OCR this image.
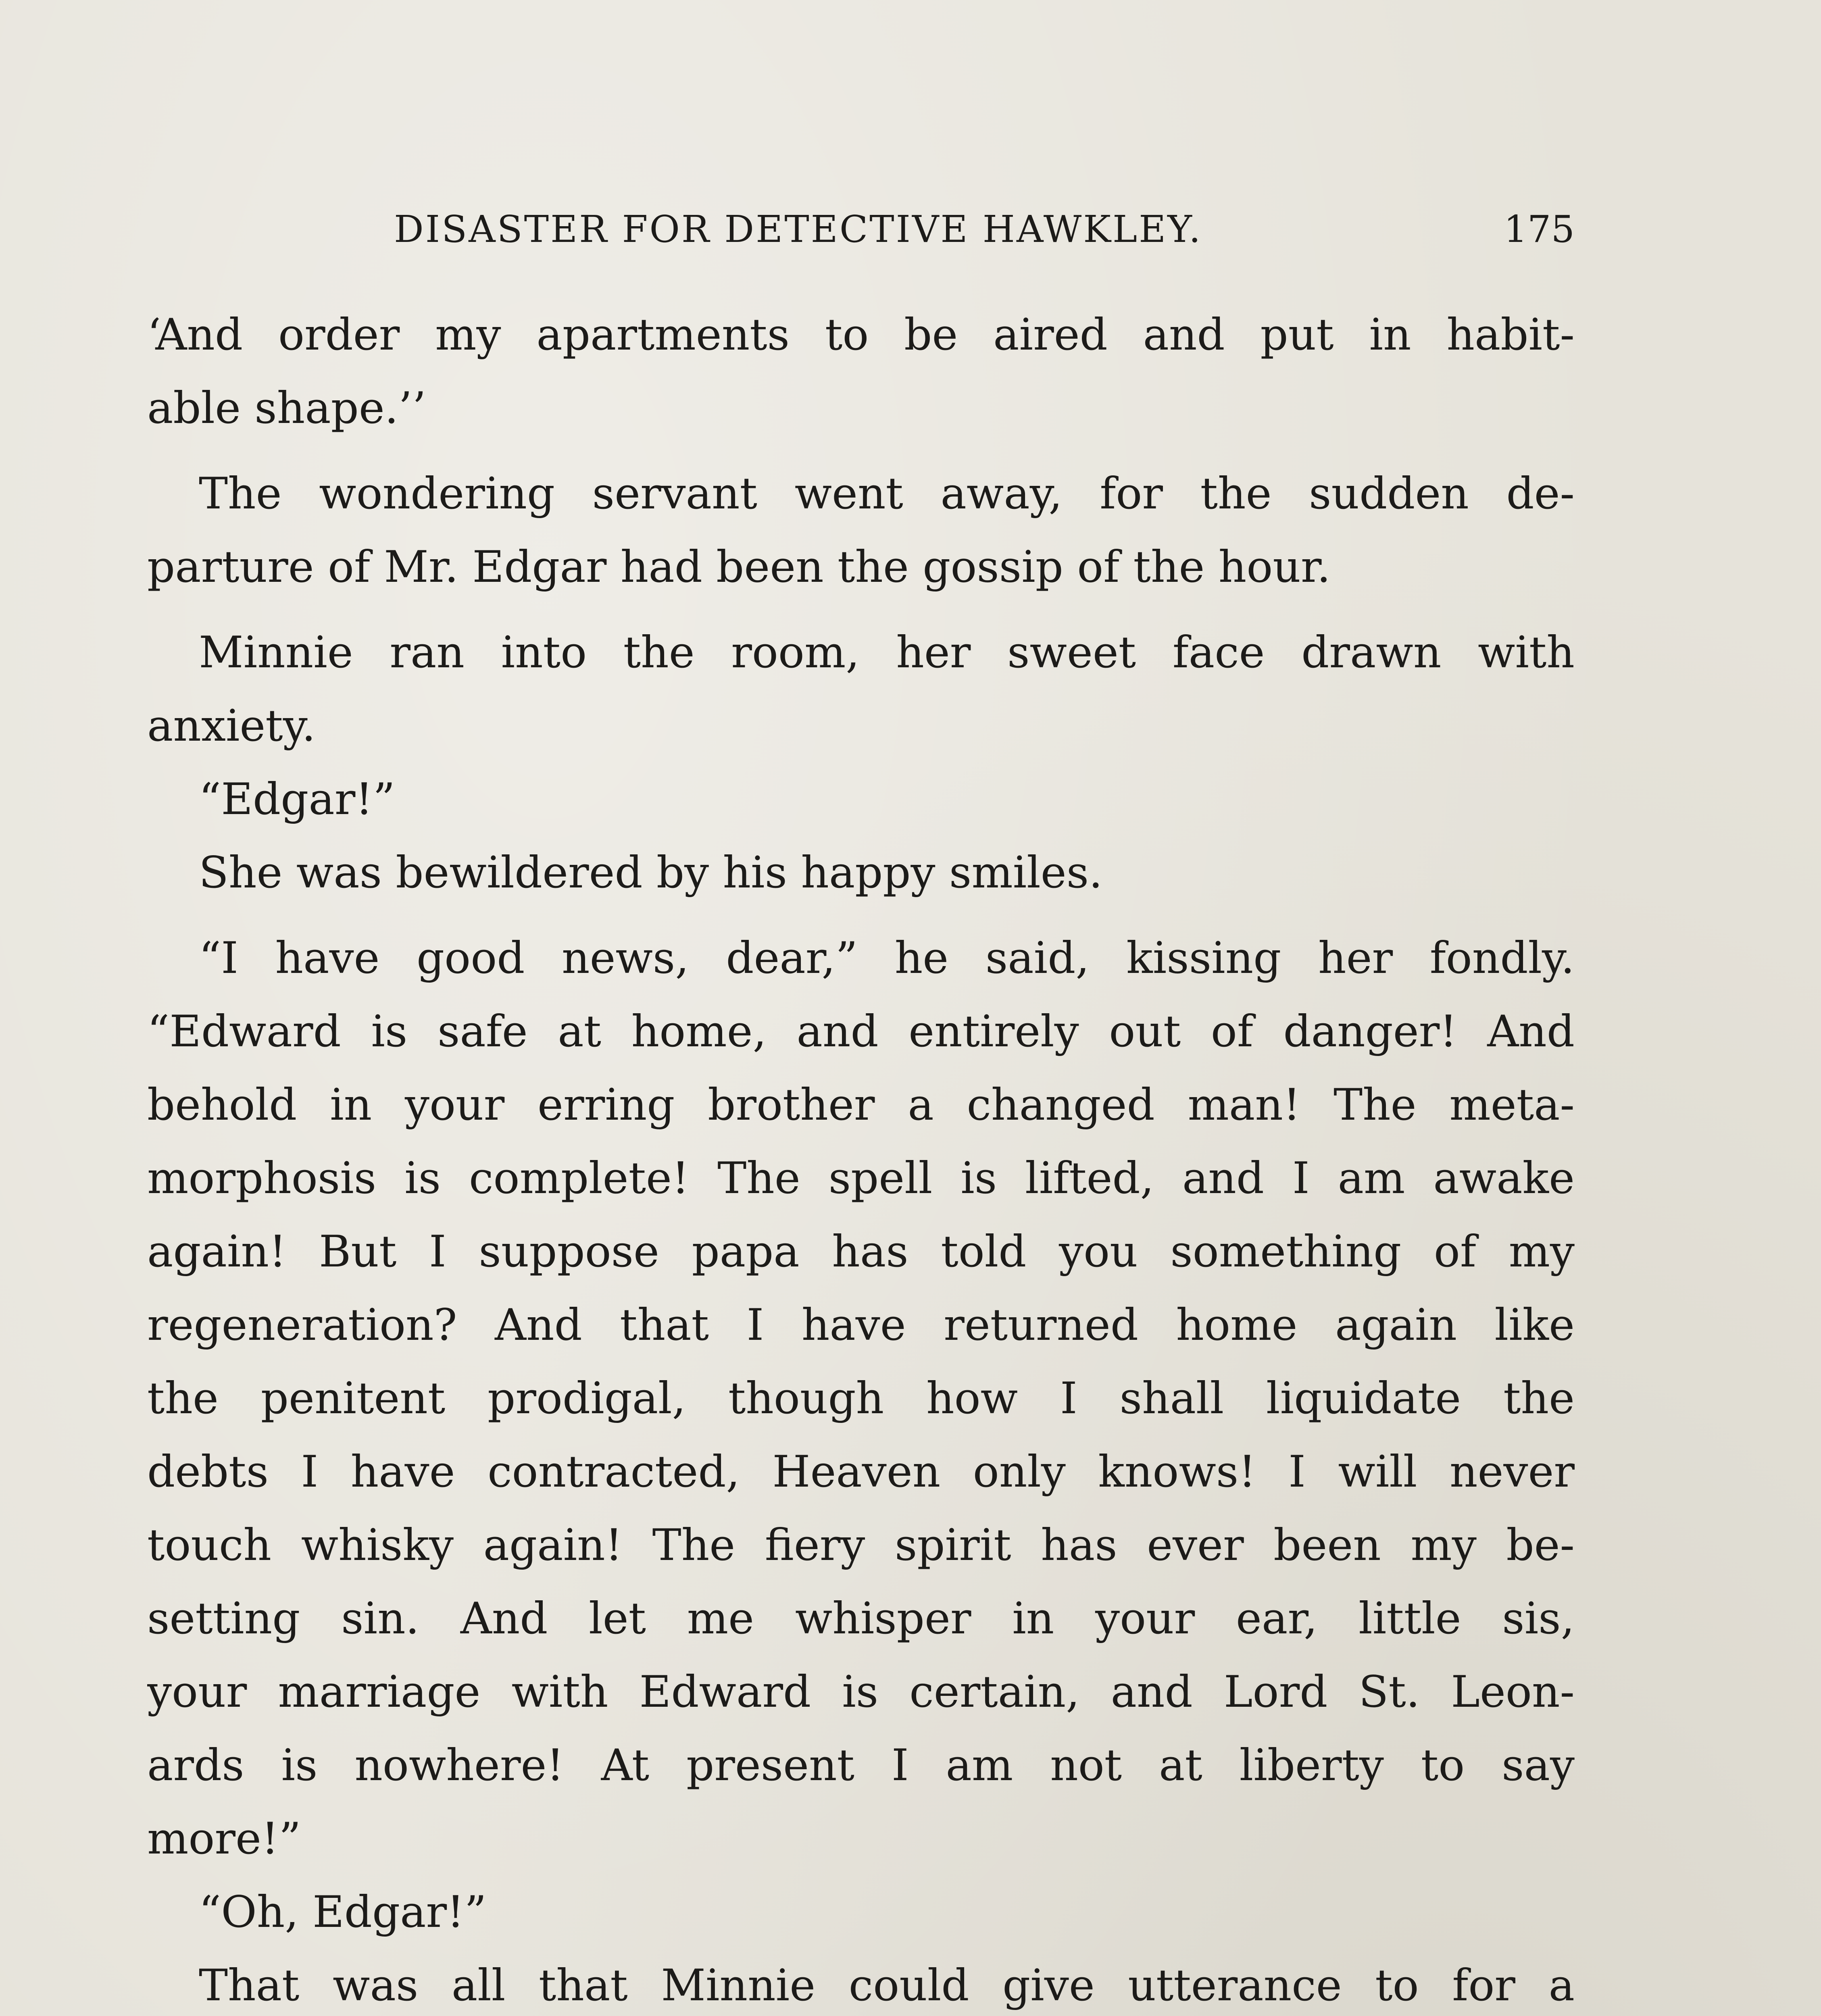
DISASTER FOR DETECTIVE HAWKLEY.	175
‘And order my apartments to be aired and put in habit-
able shape.’’
The wondering servant went away, for the sudden de-
parture of Mr. Edgar had been the gossip of the hour.
Minnie ran into the room, her sweet face drawn with
anxiety.
“Edgar!”
She was bewildered by his happy smiles.
“I have good news, dear,” he said, kissing her fondly.
“Edward is safe at home, and entirely out of danger! And
behold in your erring brother a changed man! The meta-
morphosis is complete! The spell is lifted, and I am awake
again! But I suppose papa has told you something of my
regeneration? And that I have returned home again like
the penitent prodigal, though how I shall liquidate the
debts I have contracted, Heaven only knows! I will never
touch whisky again! The fiery spirit has ever been my be-
setting sin. And let me whisper in your ear, little sis,
your marriage with Edward is certain, and Lord St. Leon-
ards is nowhere! At present I am not at liberty to say
more!”
“Oh, Edgar!”
That was all that Minnie could give utterance to for a
